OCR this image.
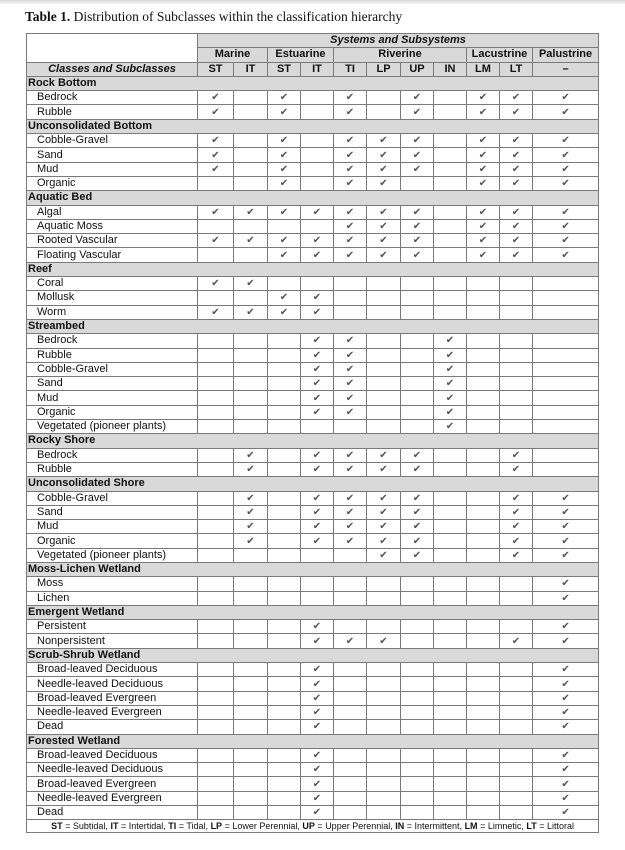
Table 1. Distribution of Subclasses within the classification hierarchy
	Systems and Subsystems										
	Marine		Estuarine		Riverine				Lacustrine		Palustrine
Classes and Subclasses	ST	IT	ST	IT	TI	LP	UP	IN	LM	LT	–
Rock Bottom											
Bedrock	✔		✔		✔		✔		✔	✔	✔
Rubble	✔		✔		✔		✔		✔	✔	✔
Unconsolidated Bottom											
Cobble-Gravel	✔		✔		✔	✔	✔		✔	✔	✔
Sand	✔		✔		✔	✔	✔		✔	✔	✔
Mud	✔		✔		✔	✔	✔		✔	✔	✔
Organic			✔		✔	✔			✔	✔	✔
Aquatic Bed											
Algal	✔	✔	✔	✔	✔	✔	✔		✔	✔	✔
Aquatic Moss					✔	✔	✔		✔	✔	✔
Rooted Vascular	✔	✔	✔	✔	✔	✔	✔		✔	✔	✔
Floating Vascular			✔	✔	✔	✔	✔		✔	✔	✔
Reef											
Coral	✔	✔									
Mollusk			✔	✔							
Worm	✔	✔	✔	✔							
Streambed											
Bedrock				✔	✔			✔			
Rubble				✔	✔			✔			
Cobble-Gravel				✔	✔			✔			
Sand				✔	✔			✔			
Mud				✔	✔			✔			
Organic				✔	✔			✔			
Vegetated (pioneer plants)								✔			
Rocky Shore											
Bedrock		✔		✔	✔	✔	✔			✔	
Rubble		✔		✔	✔	✔	✔			✔	
Unconsolidated Shore											
Cobble-Gravel		✔		✔	✔	✔	✔			✔	✔
Sand		✔		✔	✔	✔	✔			✔	✔
Mud		✔		✔	✔	✔	✔			✔	✔
Organic		✔		✔	✔	✔	✔			✔	✔
Vegetated (pioneer plants)						✔	✔			✔	✔
Moss-Lichen Wetland											
Moss											✔
Lichen											✔
Emergent Wetland											
Persistent				✔							✔
Nonpersistent				✔	✔	✔				✔	✔
Scrub-Shrub Wetland											
Broad-leaved Deciduous				✔							✔
Needle-leaved Deciduous				✔							✔
Broad-leaved Evergreen				✔							✔
Needle-leaved Evergreen				✔							✔
Dead				✔							✔
Forested Wetland											
Broad-leaved Deciduous				✔							✔
Needle-leaved Deciduous				✔							✔
Broad-leaved Evergreen				✔							✔
Needle-leaved Evergreen				✔							✔
Dead				✔							✔
ST = Subtidal, IT = Intertidal, TI = Tidal, LP = Lower Perennial, UP = Upper Perennial, IN = Intermittent, LM = Limnetic, LT = Littoral											
